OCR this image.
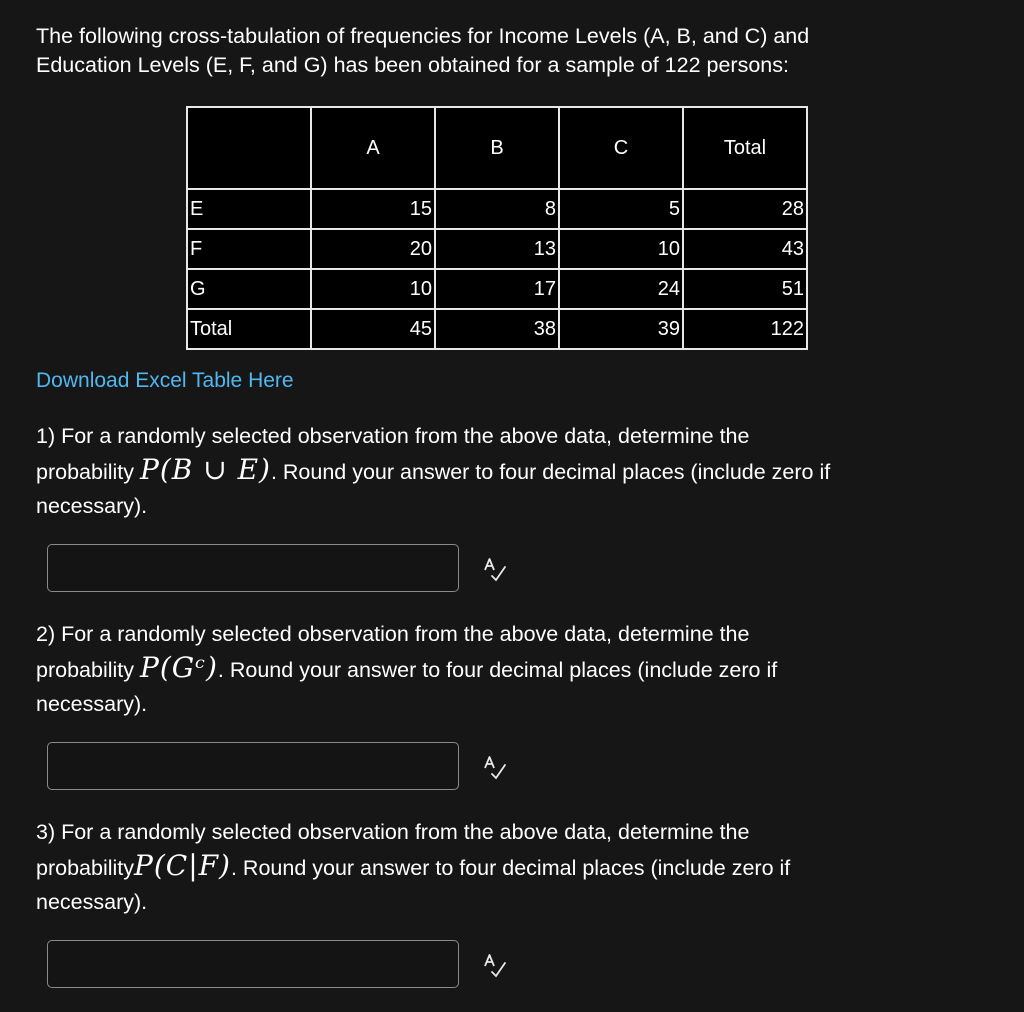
The following cross-tabulation of frequencies for Income Levels (A, B, and C) and
Education Levels (E, F, and G) has been obtained for a sample of 122 persons:

	A	B	C	Total
E	15	8	5	28
F	20	13	10	43
G	10	17	24	51
Total	45	38	39	122
Download Excel Table Here

1) For a randomly selected observation from the above data, determine the
probability P(B ∪ E). Round your answer to four decimal places (include zero if
necessary).

2) For a randomly selected observation from the above data, determine the
probability P(Gᶜ). Round your answer to four decimal places (include zero if
necessary).

3) For a randomly selected observation from the above data, determine the
probabilityP(C|F). Round your answer to four decimal places (include zero if
necessary).
